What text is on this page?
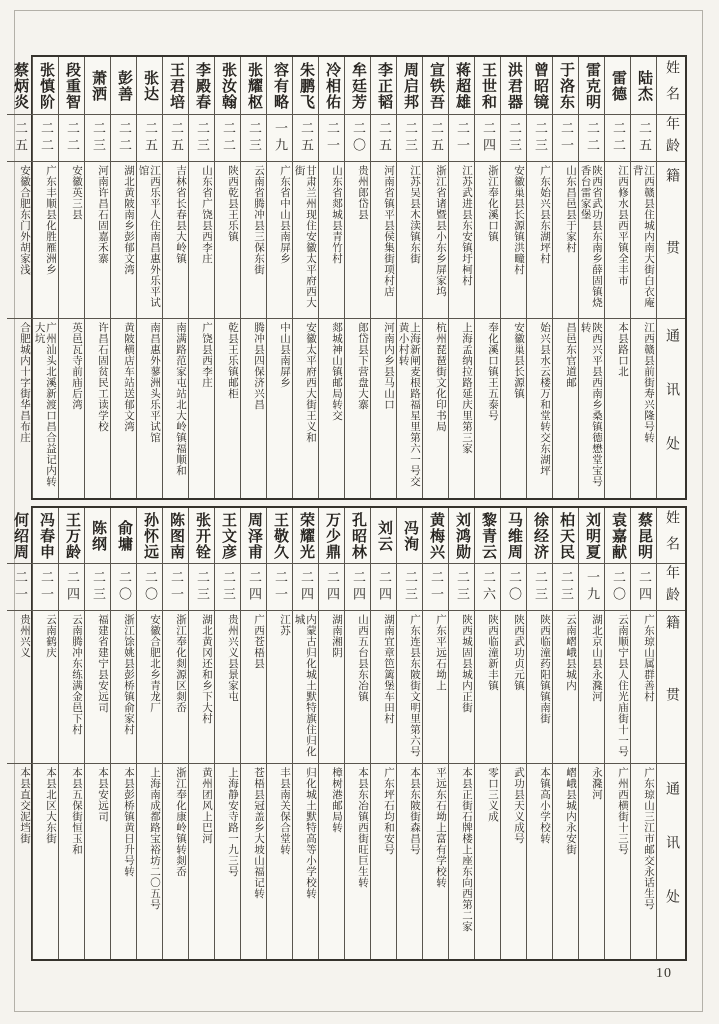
姓名
年龄
籍贯
通讯处
陆杰
二五
江西赣县住城内南大街白衣庵背
江西赣县前街寿兴隆号转
雷德
二二
江西修水县西平镇全丰市
本县路口北
雷克明
二二
陕西省武功县东南乡薛固镇烧香台雷家堡
陕西兴平县西南乡桑镇德懋堂宝号转
于洛东
二一
山东昌邑县于家村
昌邑东官道邮
曾昭镜
二三
广东始兴县东湖坪村
始兴县水云楼万和堂转交东湖坪
洪君器
二三
安徽巢县长源镇洪疃村
安徽巢县长源镇
王世和
二四
浙江奉化溪口镇
奉化溪口镇王五泰号
蒋超雄
二一
江苏武进县东安镇圩柯村
上海孟纳拉路延庆里第三家
宣铁吾
二五
浙江省诸暨县小东乡屏家坞
杭州琵琶街文化印书局
周启邦
二三
江苏吴县木渎镇东街
上海新闸麦根路福星里第六一号交黄小村转
李正韬
二五
河南省镇平县侯集街项村店
河南内乡县马山口
牟廷芳
二〇
贵州郎岱县
郎岱县下营盘大寨
冷相佑
二一
山东省郯城县青竹村
郯城神山镇邮局转交
朱鹏飞
二五
甘肃兰州现住安徽太平府西大街
安徽太平府西大街王义和
容有略
一九
广东省中山县南屏乡
中山县南屏乡
张耀枢
二三
云南省腾冲县三保东街
腾冲县四保济兴昌
张汝翰
二二
陕西乾县王乐镇
乾县王乐镇邮柜
李殿春
二三
山东省广饶县西李庄
广饶县西李庄
王君培
二五
吉林省长春县大岭镇
南满路范家屯站北大岭镇福顺和
张达
二五
江西乐平人住南昌惠外乐平试馆
南昌惠外蓼洲头乐平试馆
彭善
二二
湖北黄陂南乡彭郁文湾
黄陂横店车站送郁文湾
萧洒
二三
河南许昌石固嘉禾寨
许昌石固贫民工读学校
段重智
二二
安徽英三县
英邑瓦寺前庙后湾
张慎阶
二二
广东丰顺县化胜雁洲乡
广州汕头北溪新渡口昌合益记内转大坑
蔡炳炎
二五
安徽合肥东门外胡家浅
合肥城内十字街华昌布庄
姓名
年龄
籍贯
通讯处
蔡昆明
二四
广东琼山属群善村
广东琼山三江市邮交永话生号
袁嘉献
二〇
云南顺宁县人住光庙街十一号
广州西横街十三号
刘明夏
一九
湖北京山县永漋河
永漋河
柏天民
二三
云南嶍峨县城内
嶍峨县城内永安街
徐经济
二三
陕西临潼药阳镇镇南街
本镇高小学校转
马维周
二〇
陕西武功贞元镇
武功县天义成号
黎青云
二六
陕西临潼新丰镇
零口三义成
刘鸿勋
二三
陕西城固县城内正街
本县正街石牌楼上座东向西第二家
黄梅兴
二一
广东平远石坳上
平远东石坳上富有学校转
冯洵
二三
广东连县东陂街文明里第六号
本县东陂街森昌号
刘云
二四
湖南宜章笆篱堡车田村
广东坪石均和安号
孔昭林
二四
山西五台县东冶镇
本县东冶镇西街旺巨生转
万少鼎
二四
湖南湘阴
樟树港邮局转
荣耀光
二四
内蒙古归化城土默特旗住归化城
归化城土默特高等小学校转
王敬久
二一
江苏
丰县南关保合堂转
周泽甫
二四
广西苍梧县
苍梧县冠盖乡大坡山福记转
王文彦
二三
贵州兴义县景家屯
上海静安寺路一九三号
张开铨
二三
湖北黄冈还和乡下大村
黄州团风上巴河
陈图南
二一
浙江奉化剡源区剡岙
浙江奉化康岭镇转剡岙
孙怀远
二〇
安徽合肥北乡青龙厂
上海南成都路宝裕坊二〇五号
俞墉
二〇
浙江馀姚县彭桥镇俞家村
本县彭桥镇黄日升号转
陈纲
二三
福建省建宁县安远司
本县安远司
王万龄
二四
云南腾冲东练满金邑下村
本县五保街恒玉和
冯春申
二一
云南鹤庆
本县北区大东街
何绍周
二一
贵州兴义
本县直交泥垱街
10
